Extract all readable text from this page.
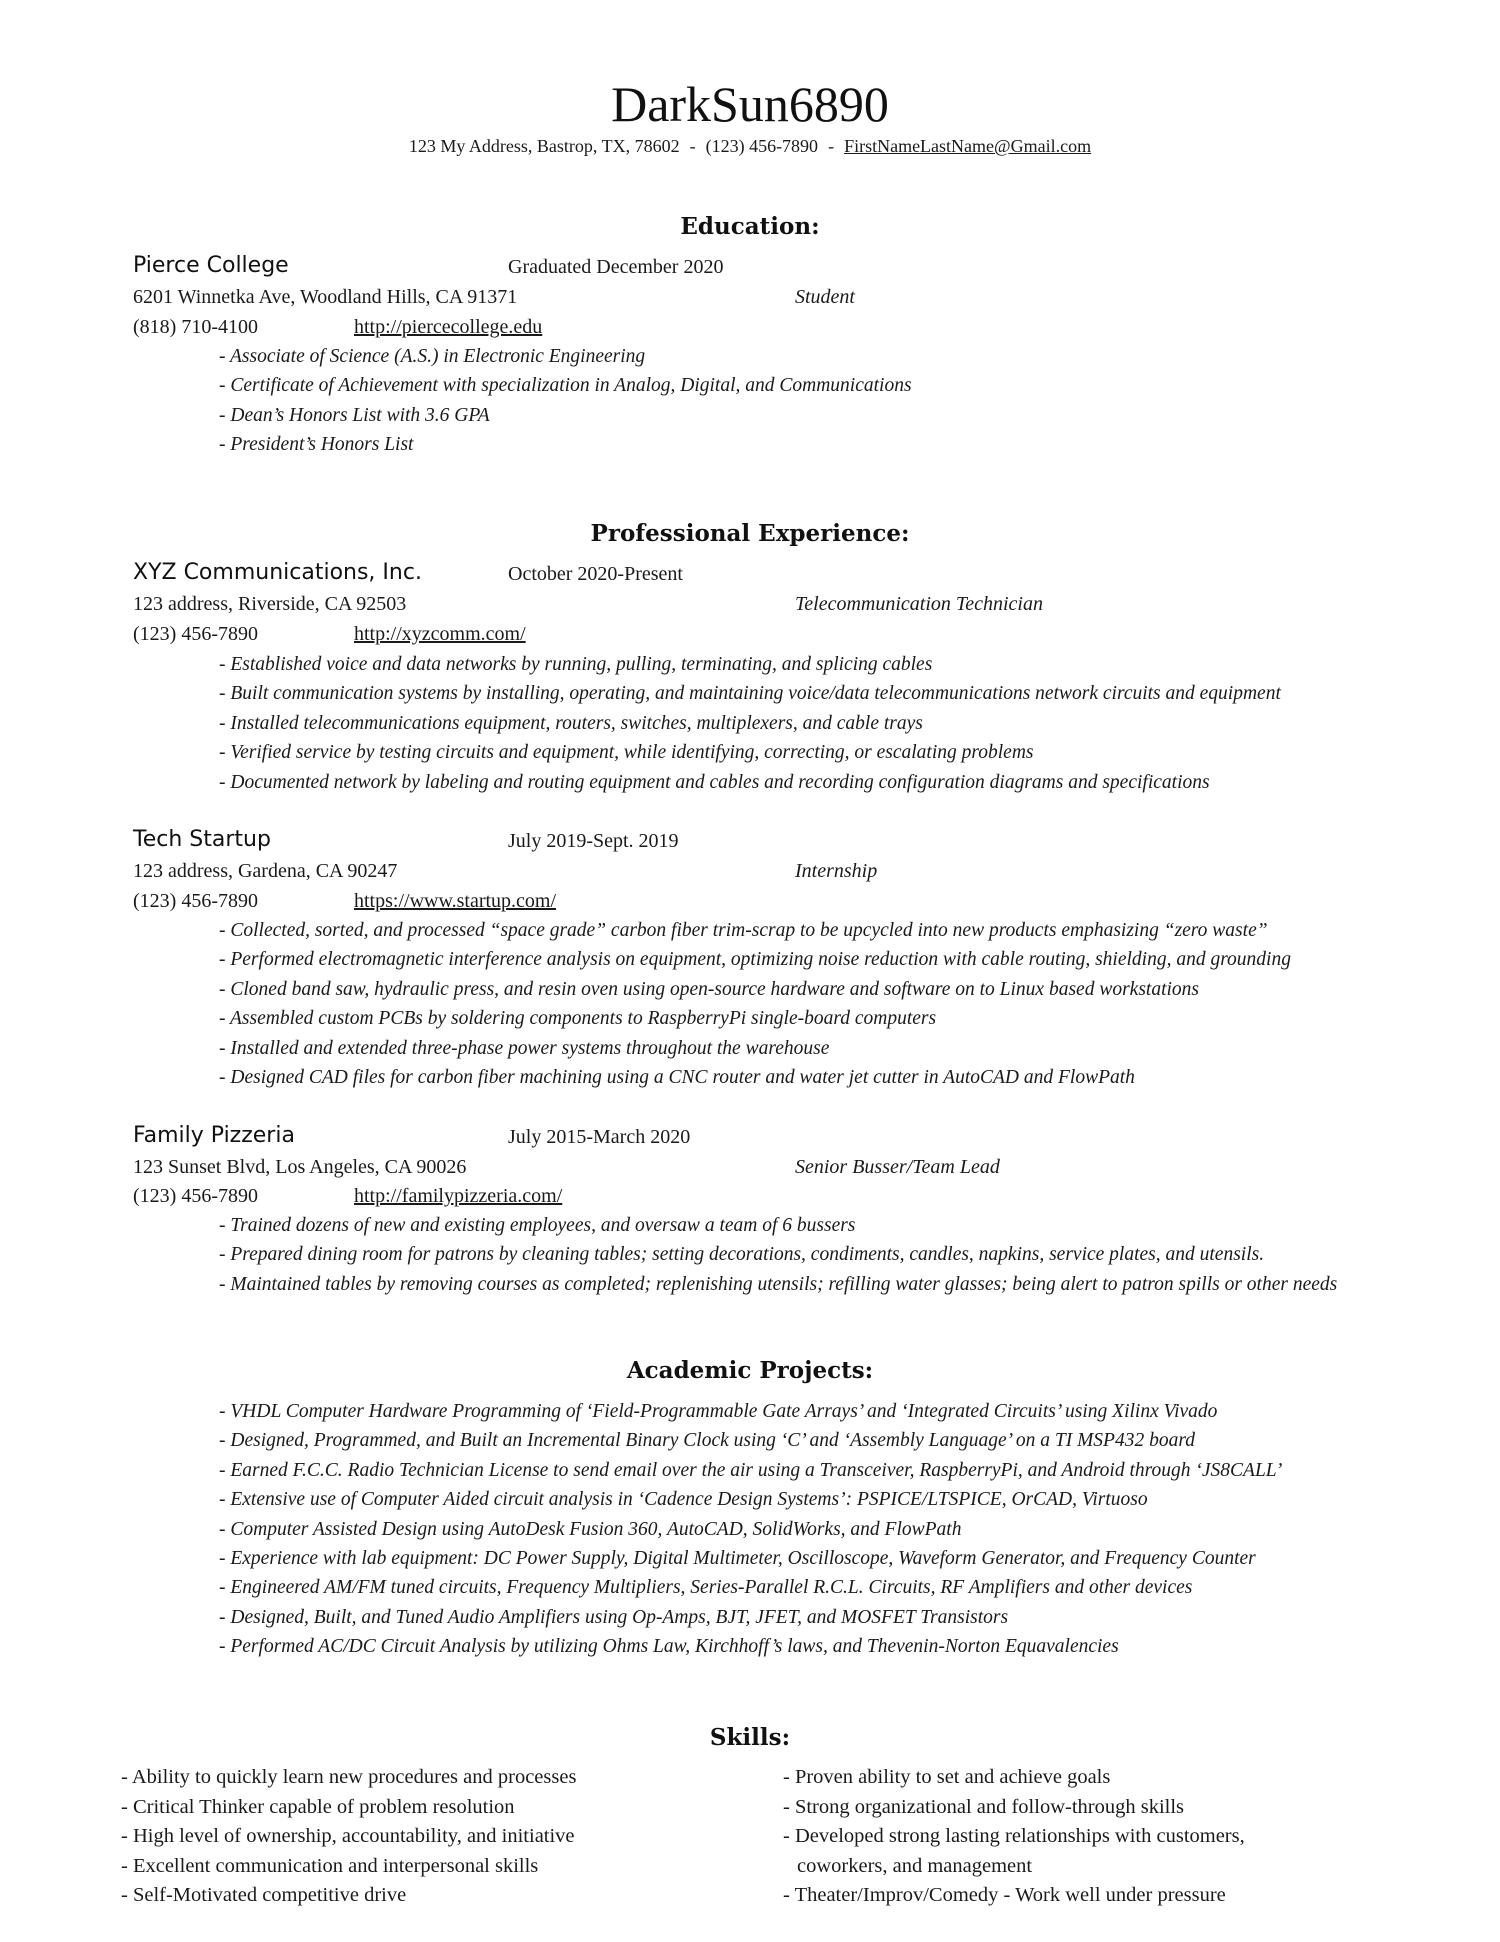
DarkSun6890
123 My Address, Bastrop, TX, 78602 - (123) 456-7890 - FirstNameLastName@Gmail.com
Education:
Pierce College	Graduated December 2020
6201 Winnetka Ave, Woodland Hills, CA 91371	Student
(818) 710-4100	http://piercecollege.edu
- Associate of Science (A.S.) in Electronic Engineering
- Certificate of Achievement with specialization in Analog, Digital, and Communications
- Dean’s Honors List with 3.6 GPA
- President’s Honors List
Professional Experience:
XYZ Communications, Inc.	October 2020-Present
123 address, Riverside, CA 92503	Telecommunication Technician
(123) 456-7890	http://xyzcomm.com/
- Established voice and data networks by running, pulling, terminating, and splicing cables
- Built communication systems by installing, operating, and maintaining voice/data telecommunications network circuits and equipment
- Installed telecommunications equipment, routers, switches, multiplexers, and cable trays
- Verified service by testing circuits and equipment, while identifying, correcting, or escalating problems
- Documented network by labeling and routing equipment and cables and recording configuration diagrams and specifications
Tech Startup	July 2019-Sept. 2019
123 address, Gardena, CA 90247	Internship
(123) 456-7890	https://www.startup.com/
- Collected, sorted, and processed “space grade” carbon fiber trim-scrap to be upcycled into new products emphasizing “zero waste”
- Performed electromagnetic interference analysis on equipment, optimizing noise reduction with cable routing, shielding, and grounding
- Cloned band saw, hydraulic press, and resin oven using open-source hardware and software on to Linux based workstations
- Assembled custom PCBs by soldering components to RaspberryPi single-board computers
- Installed and extended three-phase power systems throughout the warehouse
- Designed CAD files for carbon fiber machining using a CNC router and water jet cutter in AutoCAD and FlowPath
Family Pizzeria	July 2015-March 2020
123 Sunset Blvd, Los Angeles, CA 90026	Senior Busser/Team Lead
(123) 456-7890	http://familypizzeria.com/
- Trained dozens of new and existing employees, and oversaw a team of 6 bussers
- Prepared dining room for patrons by cleaning tables; setting decorations, condiments, candles, napkins, service plates, and utensils.
- Maintained tables by removing courses as completed; replenishing utensils; refilling water glasses; being alert to patron spills or other needs
Academic Projects:
- VHDL Computer Hardware Programming of ‘Field-Programmable Gate Arrays’ and ‘Integrated Circuits’ using Xilinx Vivado
- Designed, Programmed, and Built an Incremental Binary Clock using ‘C’ and ‘Assembly Language’ on a TI MSP432 board
- Earned F.C.C. Radio Technician License to send email over the air using a Transceiver, RaspberryPi, and Android through ‘JS8CALL’
- Extensive use of Computer Aided circuit analysis in ‘Cadence Design Systems’: PSPICE/LTSPICE, OrCAD, Virtuoso
- Computer Assisted Design using AutoDesk Fusion 360, AutoCAD, SolidWorks, and FlowPath
- Experience with lab equipment: DC Power Supply, Digital Multimeter, Oscilloscope, Waveform Generator, and Frequency Counter
- Engineered AM/FM tuned circuits, Frequency Multipliers, Series-Parallel R.C.L. Circuits, RF Amplifiers and other devices
- Designed, Built, and Tuned Audio Amplifiers using Op-Amps, BJT, JFET, and MOSFET Transistors
- Performed AC/DC Circuit Analysis by utilizing Ohms Law, Kirchhoff’s laws, and Thevenin-Norton Equavalencies
Skills:
- Ability to quickly learn new procedures and processes
- Critical Thinker capable of problem resolution
- High level of ownership, accountability, and initiative
- Excellent communication and interpersonal skills
- Self-Motivated competitive drive
- Proven ability to set and achieve goals
- Strong organizational and follow-through skills
- Developed strong lasting relationships with customers,
coworkers, and management
- Theater/Improv/Comedy - Work well under pressure
